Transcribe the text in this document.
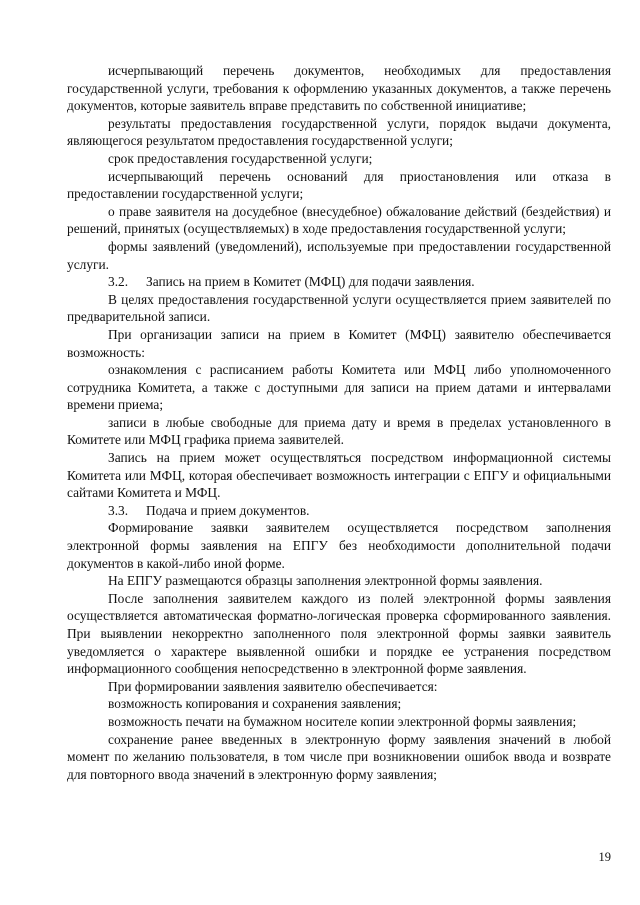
исчерпывающий перечень документов, необходимых для предоставления государственной услуги, требования к оформлению указанных документов, а также перечень документов, которые заявитель вправе представить по собственной инициативе;

результаты предоставления государственной услуги, порядок выдачи документа, являющегося результатом предоставления государственной услуги;

срок предоставления государственной услуги;

исчерпывающий перечень оснований для приостановления или отказа в предоставлении государственной услуги;

о праве заявителя на досудебное (внесудебное) обжалование действий (бездействия) и решений, принятых (осуществляемых) в ходе предоставления государственной услуги;

формы заявлений (уведомлений), используемые при предоставлении государственной услуги.

3.2. Запись на прием в Комитет (МФЦ) для подачи заявления.

В целях предоставления государственной услуги осуществляется прием заявителей по предварительной записи.

При организации записи на прием в Комитет (МФЦ) заявителю обеспечивается возможность:

ознакомления с расписанием работы Комитета или МФЦ либо уполномоченного сотрудника Комитета, а также с доступными для записи на прием датами и интервалами времени приема;

записи в любые свободные для приема дату и время в пределах установленного в Комитете или МФЦ графика приема заявителей.

Запись на прием может осуществляться посредством информационной системы Комитета или МФЦ, которая обеспечивает возможность интеграции с ЕПГУ и официальными сайтами Комитета и МФЦ.

3.3. Подача и прием документов.

Формирование заявки заявителем осуществляется посредством заполнения электронной формы заявления на ЕПГУ без необходимости дополнительной подачи документов в какой-либо иной форме.

На ЕПГУ размещаются образцы заполнения электронной формы заявления.

После заполнения заявителем каждого из полей электронной формы заявления осуществляется автоматическая форматно-логическая проверка сформированного заявления. При выявлении некорректно заполненного поля электронной формы заявки заявитель уведомляется о характере выявленной ошибки и порядке ее устранения посредством информационного сообщения непосредственно в электронной форме заявления.

При формировании заявления заявителю обеспечивается:

возможность копирования и сохранения заявления;

возможность печати на бумажном носителе копии электронной формы заявления;

сохранение ранее введенных в электронную форму заявления значений в любой момент по желанию пользователя, в том числе при возникновении ошибок ввода и возврате для повторного ввода значений в электронную форму заявления;

19
